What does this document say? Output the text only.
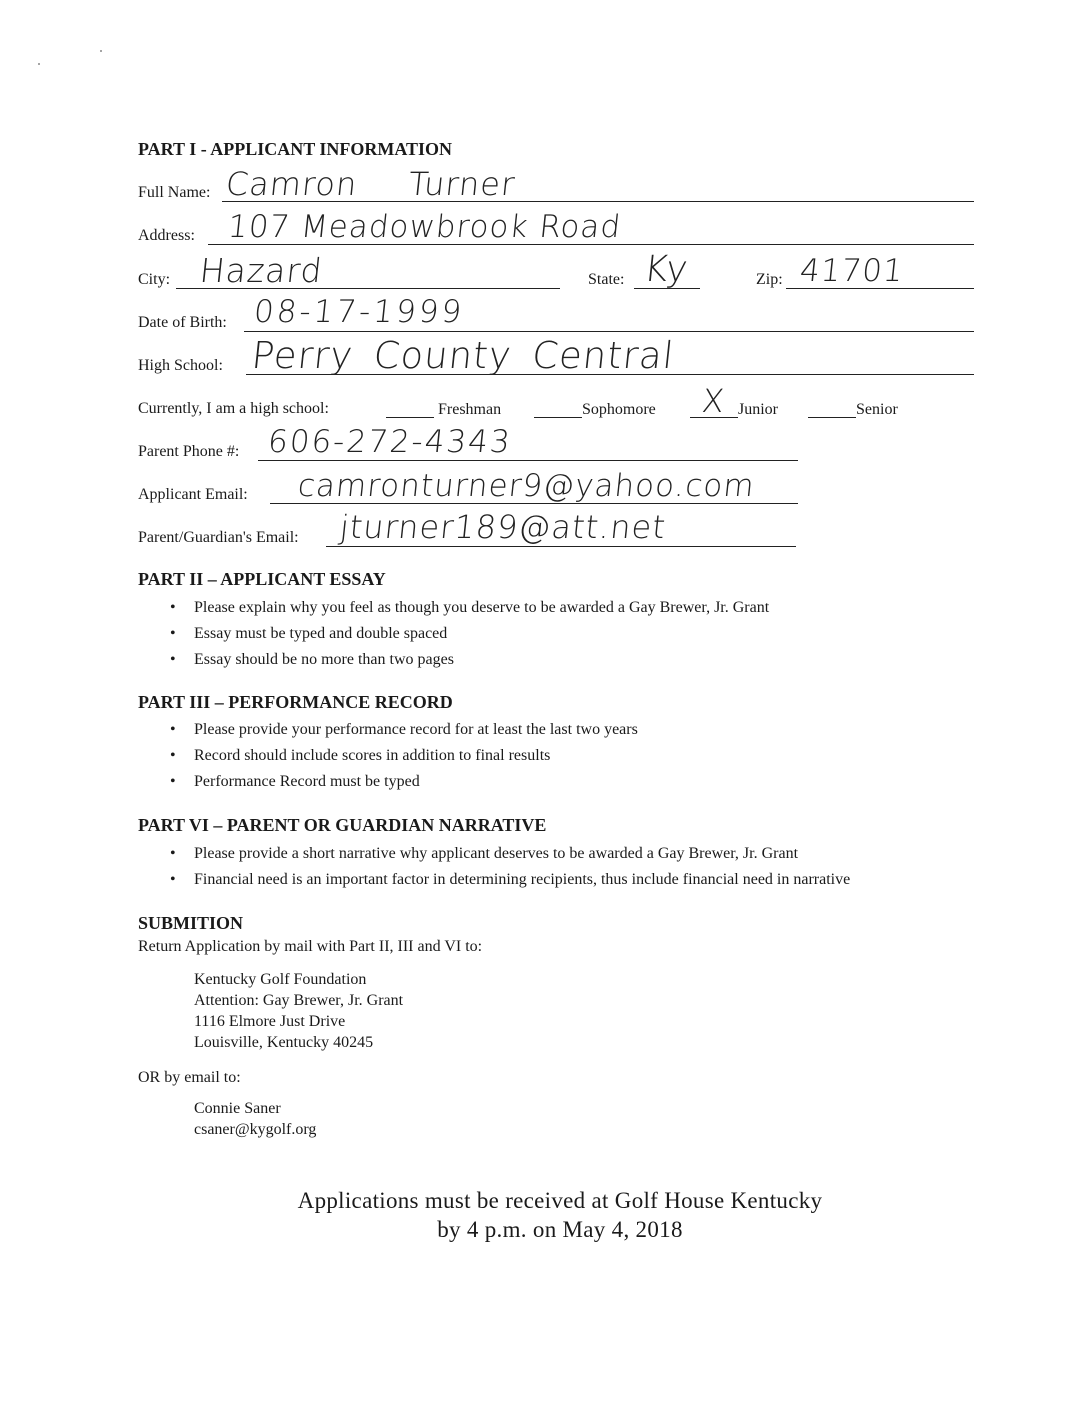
PART I - APPLICANT INFORMATION
Full Name: Camron Turner
Address: 107 Meadowbrook Road
City: Hazard	State: Ky	Zip: 41701
Date of Birth: 08-17-1999
High School: Perry County Central
Currently, I am a high school:	Freshman	Sophomore X Junior	Senior
Parent Phone #: 606-272-4343
Applicant Email: camronturner9@yahoo.com
Parent/Guardian's Email: jturner189@att.net
PART II – APPLICANT ESSAY
• Please explain why you feel as though you deserve to be awarded a Gay Brewer, Jr. Grant
• Essay must be typed and double spaced
• Essay should be no more than two pages
PART III – PERFORMANCE RECORD
• Please provide your performance record for at least the last two years
• Record should include scores in addition to final results
• Performance Record must be typed
PART VI – PARENT OR GUARDIAN NARRATIVE
• Please provide a short narrative why applicant deserves to be awarded a Gay Brewer, Jr. Grant
• Financial need is an important factor in determining recipients, thus include financial need in narrative
SUBMITION
Return Application by mail with Part II, III and VI to:
Kentucky Golf Foundation
Attention: Gay Brewer, Jr. Grant
1116 Elmore Just Drive
Louisville, Kentucky 40245
OR by email to:
Connie Saner
csaner@kygolf.org
Applications must be received at Golf House Kentucky
by 4 p.m. on May 4, 2018
